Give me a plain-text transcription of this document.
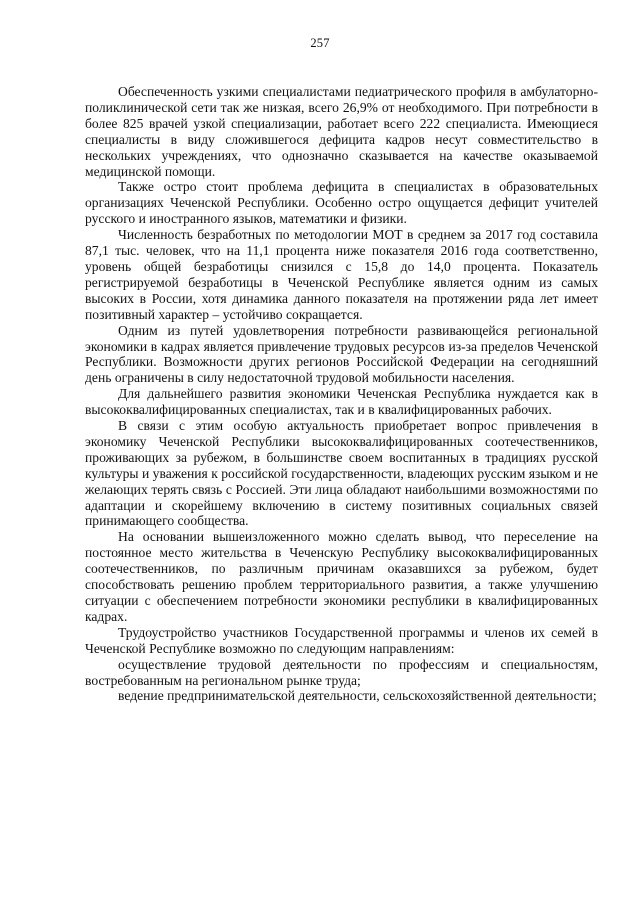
257

Обеспеченность узкими специалистами педиатрического профиля в амбулаторно-поликлинической сети так же низкая, всего 26,9% от необходимого. При потребности в более 825 врачей узкой специализации, работает всего 222 специалиста. Имеющиеся специалисты в виду сложившегося дефицита кадров несут совместительство в нескольких учреждениях, что однозначно сказывается на качестве оказываемой медицинской помощи.

Также остро стоит проблема дефицита в специалистах в образовательных организациях Чеченской Республики. Особенно остро ощущается дефицит учителей русского и иностранного языков, математики и физики.

Численность безработных по методологии МОТ в среднем за 2017 год составила 87,1 тыс. человек, что на 11,1 процента ниже показателя 2016 года соответственно, уровень общей безработицы снизился с 15,8 до 14,0 процента. Показатель регистрируемой безработицы в Чеченской Республике является одним из самых высоких в России, хотя динамика данного показателя на протяжении ряда лет имеет позитивный характер – устойчиво сокращается.

Одним из путей удовлетворения потребности развивающейся региональной экономики в кадрах является привлечение трудовых ресурсов из-за пределов Чеченской Республики. Возможности других регионов Российской Федерации на сегодняшний день ограничены в силу недостаточной трудовой мобильности населения.

Для дальнейшего развития экономики Чеченская Республика нуждается как в высококвалифицированных специалистах, так и в квалифицированных рабочих.

В связи с этим особую актуальность приобретает вопрос привлечения в экономику Чеченской Республики высококвалифицированных соотечественников, проживающих за рубежом, в большинстве своем воспитанных в традициях русской культуры и уважения к российской государственности, владеющих русским языком и не желающих терять связь с Россией. Эти лица обладают наибольшими возможностями по адаптации и скорейшему включению в систему позитивных социальных связей принимающего сообщества.

На основании вышеизложенного можно сделать вывод, что переселение на постоянное место жительства в Чеченскую Республику высококвалифицированных соотечественников, по различным причинам оказавшихся за рубежом, будет способствовать решению проблем территориального развития, а также улучшению ситуации с обеспечением потребности экономики республики в квалифицированных кадрах.

Трудоустройство участников Государственной программы и членов их семей в Чеченской Республике возможно по следующим направлениям:

осуществление трудовой деятельности по профессиям и специальностям, востребованным на региональном рынке труда;

ведение предпринимательской деятельности, сельскохозяйственной деятельности;
